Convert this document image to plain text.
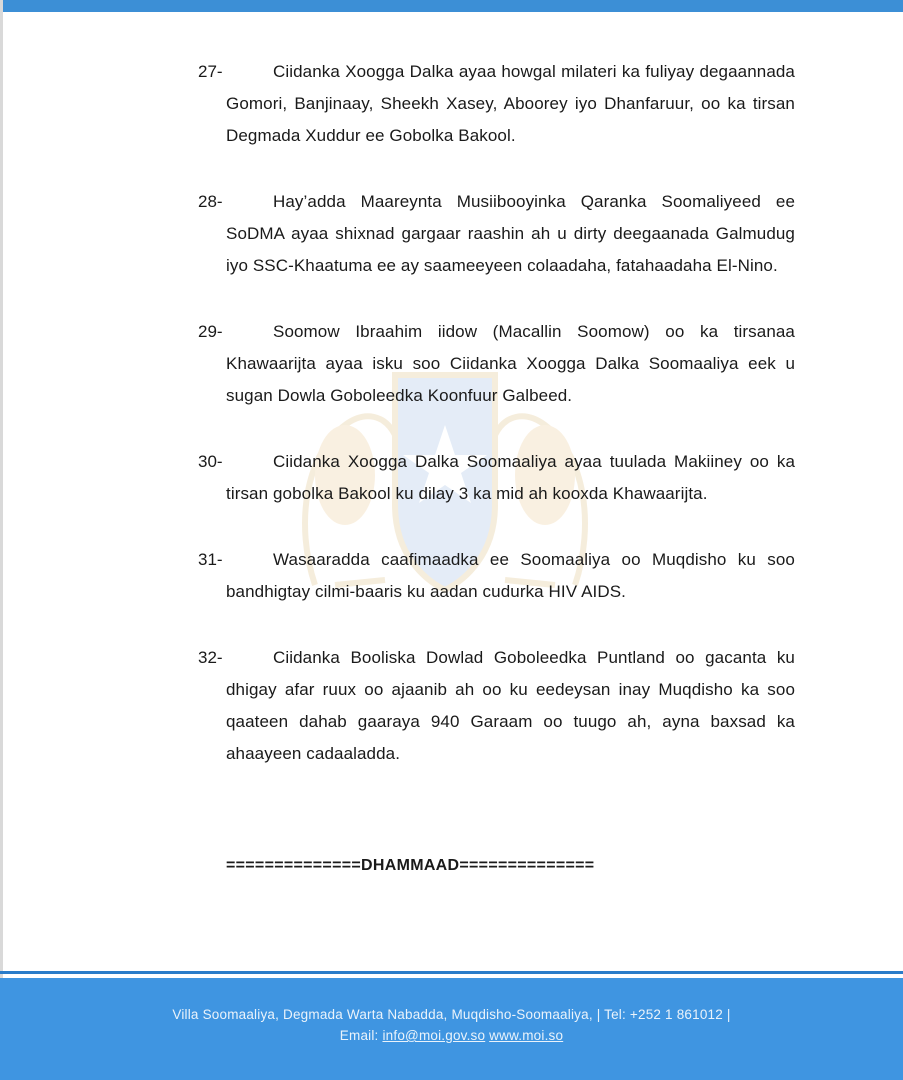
27-	Ciidanka Xoogga Dalka ayaa howgal milateri ka fuliyay degaannada Gomori, Banjinaay, Sheekh Xasey, Aboorey iyo Dhanfaruur, oo ka tirsan Degmada Xuddur ee Gobolka Bakool.

28-	Hay’adda Maareynta Musiibooyinka Qaranka Soomaliyeed ee SoDMA ayaa shixnad gargaar raashin ah u dirty deegaanada Galmudug iyo SSC-Khaatuma ee ay saameeyeen colaadaha, fatahaadaha El-Nino.

29-	Soomow Ibraahim iidow (Macallin Soomow) oo ka tirsanaa Khawaarijta ayaa isku soo Ciidanka Xoogga Dalka Soomaaliya eek u sugan Dowla Goboleedka Koonfuur Galbeed.

30-	Ciidanka Xoogga Dalka Soomaaliya ayaa tuulada Makiiney oo ka tirsan gobolka Bakool ku dilay 3 ka mid ah kooxda Khawaarijta.

31-	Wasaaradda caafimaadka ee Soomaaliya oo Muqdisho ku soo bandhigtay cilmi-baaris ku aadan cudurka HIV AIDS.

32-	Ciidanka Booliska Dowlad Goboleedka Puntland oo gacanta ku dhigay afar ruux oo ajaanib ah oo ku eedeysan inay Muqdisho ka soo qaateen dahab gaaraya 940 Garaam oo tuugo ah, ayna baxsad ka ahaayeen cadaaladda.

==============DHAMMAAD==============
Villa Soomaaliya, Degmada Warta Nabadda, Muqdisho-Soomaaliya, | Tel: +252 1 861012 |
Email: info@moi.gov.so www.moi.so
